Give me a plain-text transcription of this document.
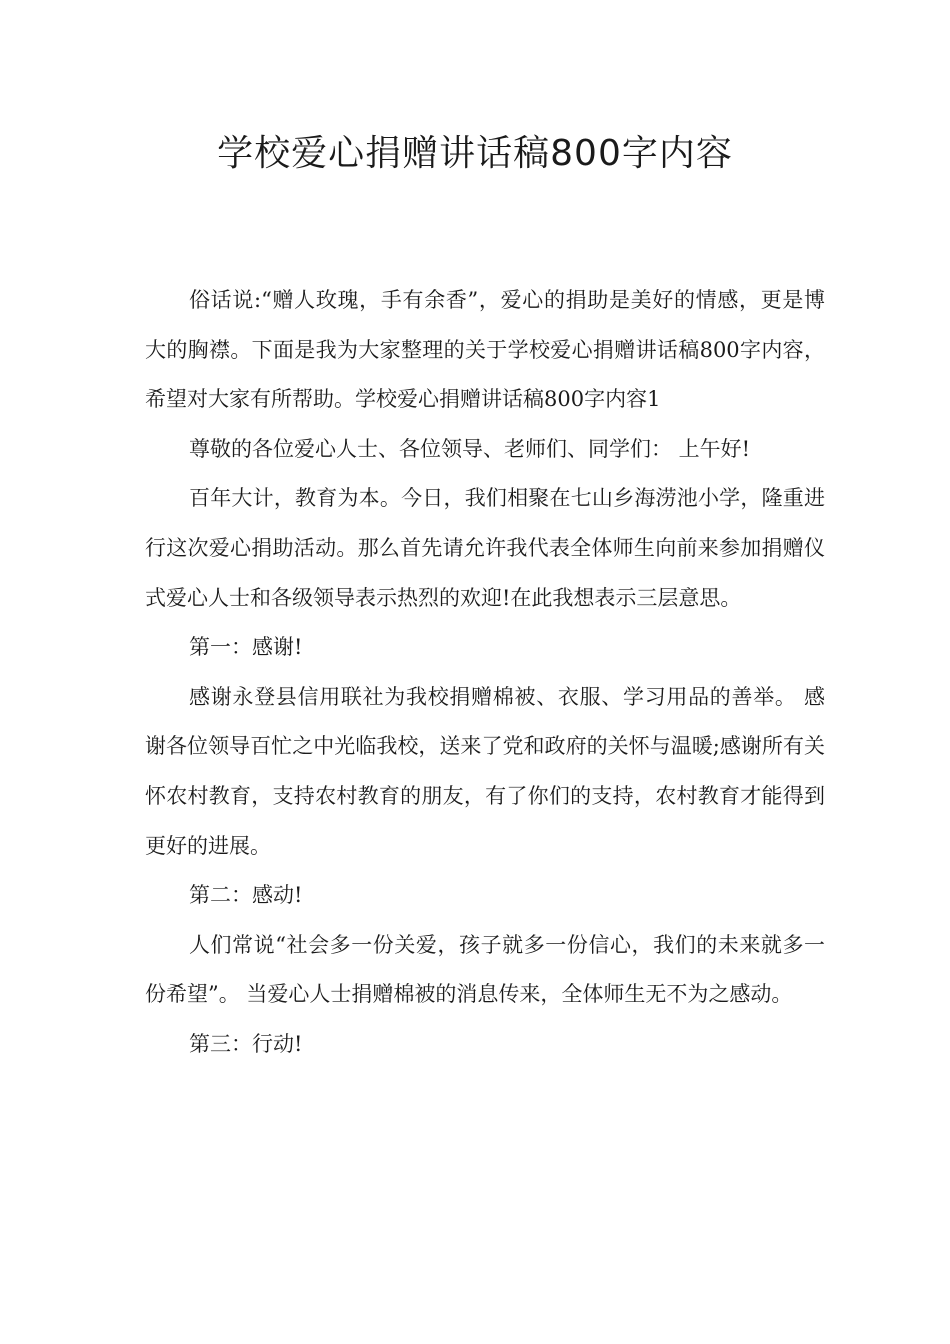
学校爱心捐赠讲话稿800字内容

俗话说:“赠人玫瑰，手有余香”，爱心的捐助是美好的情感，更是博大的胸襟。下面是我为大家整理的关于学校爱心捐赠讲话稿800字内容，希望对大家有所帮助。学校爱心捐赠讲话稿800字内容1

尊敬的各位爱心人士、各位领导、老师们、同学们： 上午好!

百年大计，教育为本。今日，我们相聚在七山乡海涝池小学，隆重进行这次爱心捐助活动。那么首先请允许我代表全体师生向前来参加捐赠仪式爱心人士和各级领导表示热烈的欢迎!在此我想表示三层意思。

第一：感谢!

感谢永登县信用联社为我校捐赠棉被、衣服、学习用品的善举。 感谢各位领导百忙之中光临我校，送来了党和政府的关怀与温暖;感谢所有关怀农村教育，支持农村教育的朋友，有了你们的支持，农村教育才能得到更好的进展。

第二：感动!

人们常说“社会多一份关爱，孩子就多一份信心，我们的未来就多一份希望”。 当爱心人士捐赠棉被的消息传来，全体师生无不为之感动。

第三：行动!
